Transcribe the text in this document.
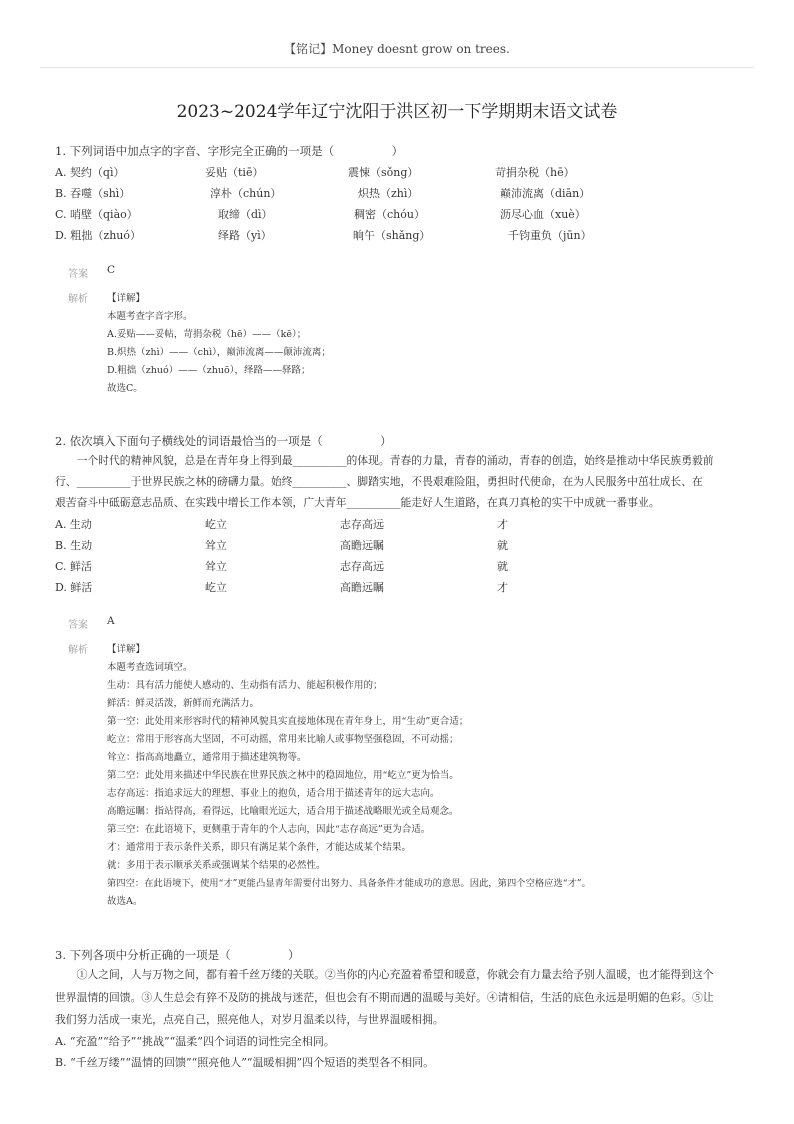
【铭记】Money doesnt grow on trees.
2023~2024学年辽宁沈阳于洪区初一下学期期末语文试卷
1. 下列词语中加点字的字音、字形完全正确的一项是（　　　　　）
A. 契约（qì）	妥贴（tiē）	震悚（sǒng）	苛捐杂税（hē）
B. 吞噬（shì）	淳朴（chún）	炽热（zhì）	巅沛流离（diān）
C. 哨壁（qiào）	取缔（dì）	稠密（chóu）	沥尽心血（xuè）
D. 粗拙（zhuó）	绎路（yì）	晌午（shǎng）	千钧重负（jūn）
答案 C
解析 【详解】
本题考查字音字形。
A.妥贴——妥帖，苛捐杂税（hē）——（kē）；
B.炽热（zhì）——（chì），巅沛流离——颠沛流离；
D.粗拙（zhuó）——（zhuō），绎路——驿路；
故选C。
2. 依次填入下面句子横线处的词语最恰当的一项是（　　　　　）
　　一个时代的精神风貌，总是在青年身上得到最__________的体现。青春的力量，青春的涌动，青春的创造，始终是推动中华民族勇毅前
行、__________于世界民族之林的磅礴力量。始终__________、脚踏实地，不畏艰难险阻，勇担时代使命，在为人民服务中茁壮成长、在
艰苦奋斗中砥砺意志品质、在实践中增长工作本领，广大青年__________能走好人生道路，在真刀真枪的实干中成就一番事业。
A. 生动	屹立	志存高远	才
B. 生动	耸立	高瞻远瞩	就
C. 鲜活	耸立	志存高远	就
D. 鲜活	屹立	高瞻远瞩	才
答案 A
解析 【详解】
本题考查选词填空。
生动：具有活力能使人感动的、生动指有活力、能起积极作用的；
鲜活：鲜灵活泼，新鲜而充满活力。
第一空：此处用来形容时代的精神风貌具实直接地体现在青年身上，用“生动”更合适；
屹立：常用于形容高大坚固，不可动摇，常用来比喻人或事物坚强稳固，不可动摇；
耸立：指高高地矗立，通常用于描述建筑物等。
第二空：此处用来描述中华民族在世界民族之林中的稳固地位，用“屹立”更为恰当。
志存高远：指追求远大的理想、事业上的抱负，适合用于描述青年的远大志向。
高瞻远瞩：指站得高，看得远，比喻眼光远大，适合用于描述战略眼光或全局观念。
第三空：在此语境下，更侧重于青年的个人志向，因此“志存高远”更为合适。
才：通常用于表示条件关系，即只有满足某个条件，才能达成某个结果。
就：多用于表示顺承关系或强调某个结果的必然性。
第四空：在此语境下，使用“才”更能凸显青年需要付出努力、具备条件才能成功的意思。因此，第四个空格应选“才”。
故选A。
3. 下列各项中分析正确的一项是（　　　　　）
　　①人之间，人与万物之间，都有着千丝万缕的关联。②当你的内心充盈着希望和暖意，你就会有力量去给予别人温暖，也才能得到这个
世界温情的回馈。③人生总会有猝不及防的挑战与迷茫，但也会有不期而遇的温暖与美好。④请相信，生活的底色永远是明媚的色彩。⑤让
我们努力活成一束光，点亮自己，照亮他人，对岁月温柔以待，与世界温暖相拥。
A. “充盈”“给予”“挑战”“温柔”四个词语的词性完全相同。
B. “千丝万缕”“温情的回馈”“照亮他人”“温暖相拥”四个短语的类型各不相同。
